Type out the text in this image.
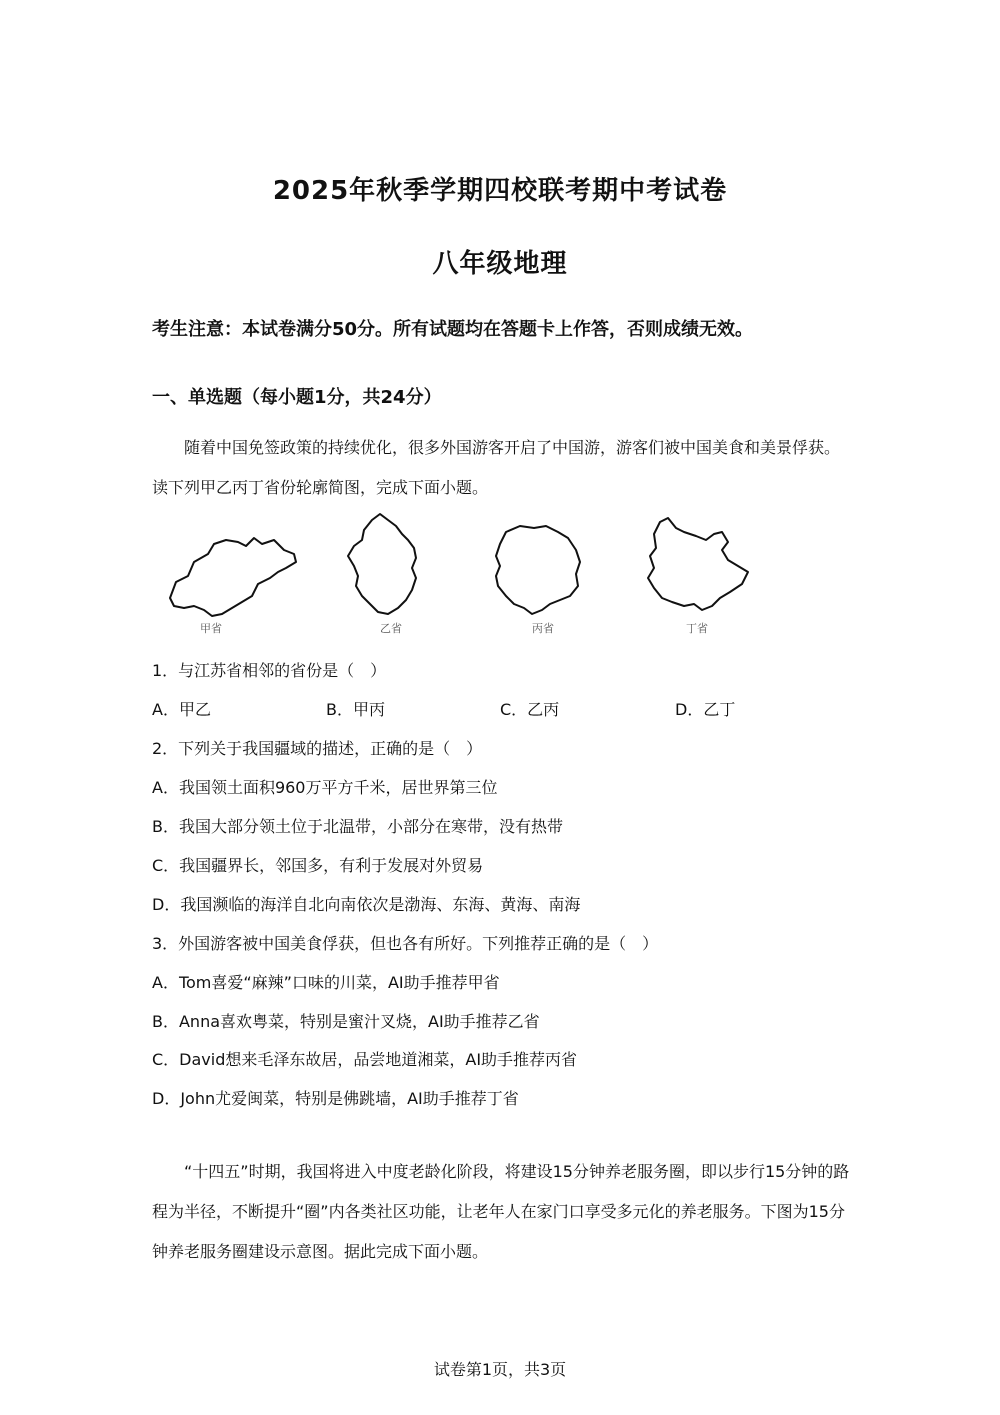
2025年秋季学期四校联考期中考试卷
八年级地理
考生注意：本试卷满分50分。所有试题均在答题卡上作答，否则成绩无效。
一、单选题（每小题1分，共24分）

随着中国免签政策的持续优化，很多外国游客开启了中国游，游客们被中国美食和美景俘获。读下列甲乙丙丁省份轮廓简图，完成下面小题。

甲省	乙省	丙省	丁省
1．与江苏省相邻的省份是（　）
A．甲乙	B．甲丙	C．乙丙	D．乙丁
2．下列关于我国疆域的描述，正确的是（　）
A．我国领土面积960万平方千米，居世界第三位
B．我国大部分领土位于北温带，小部分在寒带，没有热带
C．我国疆界长，邻国多，有利于发展对外贸易
D．我国濒临的海洋自北向南依次是渤海、东海、黄海、南海
3．外国游客被中国美食俘获，但也各有所好。下列推荐正确的是（　）
A．Tom喜爱“麻辣”口味的川菜，AI助手推荐甲省
B．Anna喜欢粤菜，特别是蜜汁叉烧，AI助手推荐乙省
C．David想来毛泽东故居，品尝地道湘菜，AI助手推荐丙省
D．John尤爱闽菜，特别是佛跳墙，AI助手推荐丁省

“十四五”时期，我国将进入中度老龄化阶段，将建设15分钟养老服务圈，即以步行15分钟的路程为半径，不断提升“圈”内各类社区功能，让老年人在家门口享受多元化的养老服务。下图为15分钟养老服务圈建设示意图。据此完成下面小题。

试卷第1页，共3页
